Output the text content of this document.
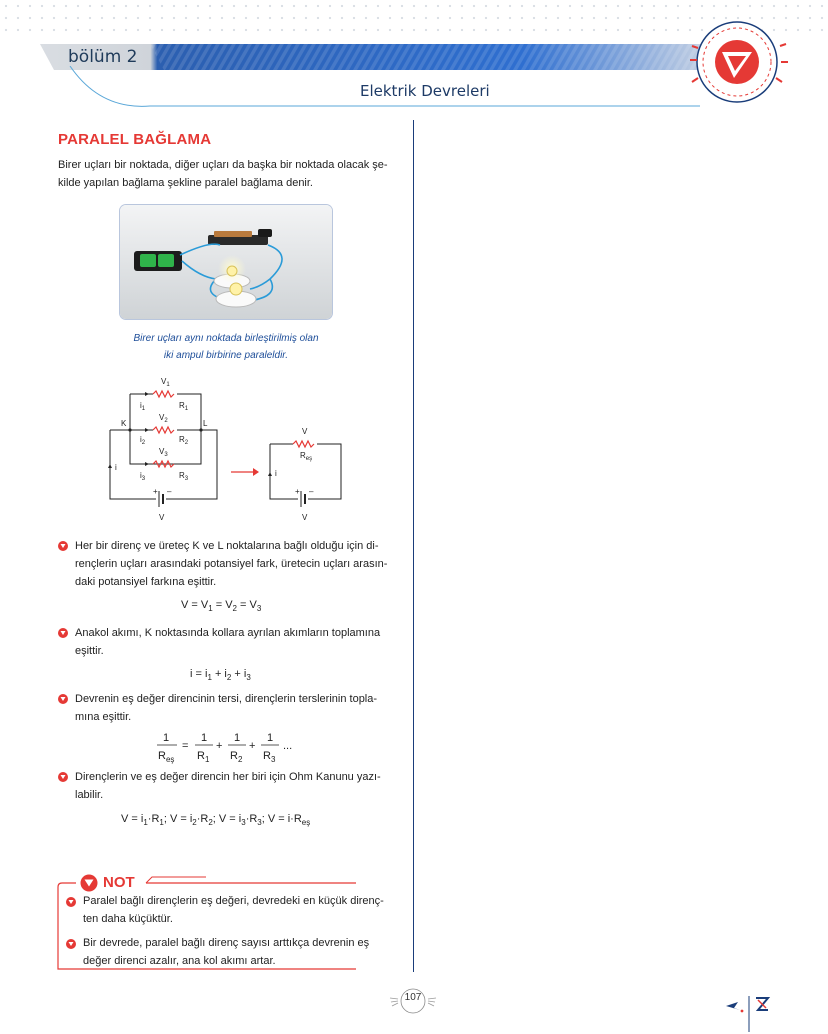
bölüm 2
Elektrik Devreleri
PARALEL BAĞLAMA
Birer uçları bir noktada, diğer uçları da başka bir noktada olacak şe-
kilde yapılan bağlama şekline paralel bağlama denir.
Birer uçları aynı noktada birleştirilmiş olan
iki ampul birbirine paraleldir.
$V_1$
$R_1$
$i_1$
$V_2$
$R_2$
$i_2$
$V_3$
$R_3$
$i_3$
K	L
i
V
+ –
V
$R_{eş}$
i
V
+ –
Her bir direnç ve üreteç K ve L noktalarına bağlı olduğu için di-
rençlerin uçları arasındaki potansiyel fark, üretecin uçları arasın-
daki potansiyel farkına eşittir.
$V = V_1 = V_2 = V_3$
Anakol akımı, K noktasında kollara ayrılan akımların toplamına
eşittir.
$i = i_1 + i_2 + i_3$
Devrenin eş değer direncinin tersi, dirençlerin terslerinin topla-
mına eşittir.
1
$R_{eş}$
=
1
$R_1$
+
1
$R_2$
+
1
$R_3$
...
Dirençlerin ve eş değer direncin her biri için Ohm Kanunu yazı-
labilir.
$V = i_1\cdot R_1$; $V = i_2\cdot R_2$; $V = i_3\cdot R_3$; $V = i\cdot R_{eş}$
NOT
Paralel bağlı dirençlerin eş değeri, devredeki en küçük direnç-
ten daha küçüktür.
Bir devrede, paralel bağlı direnç sayısı arttıkça devrenin eş
değer direnci azalır, ana kol akımı artar.
107
